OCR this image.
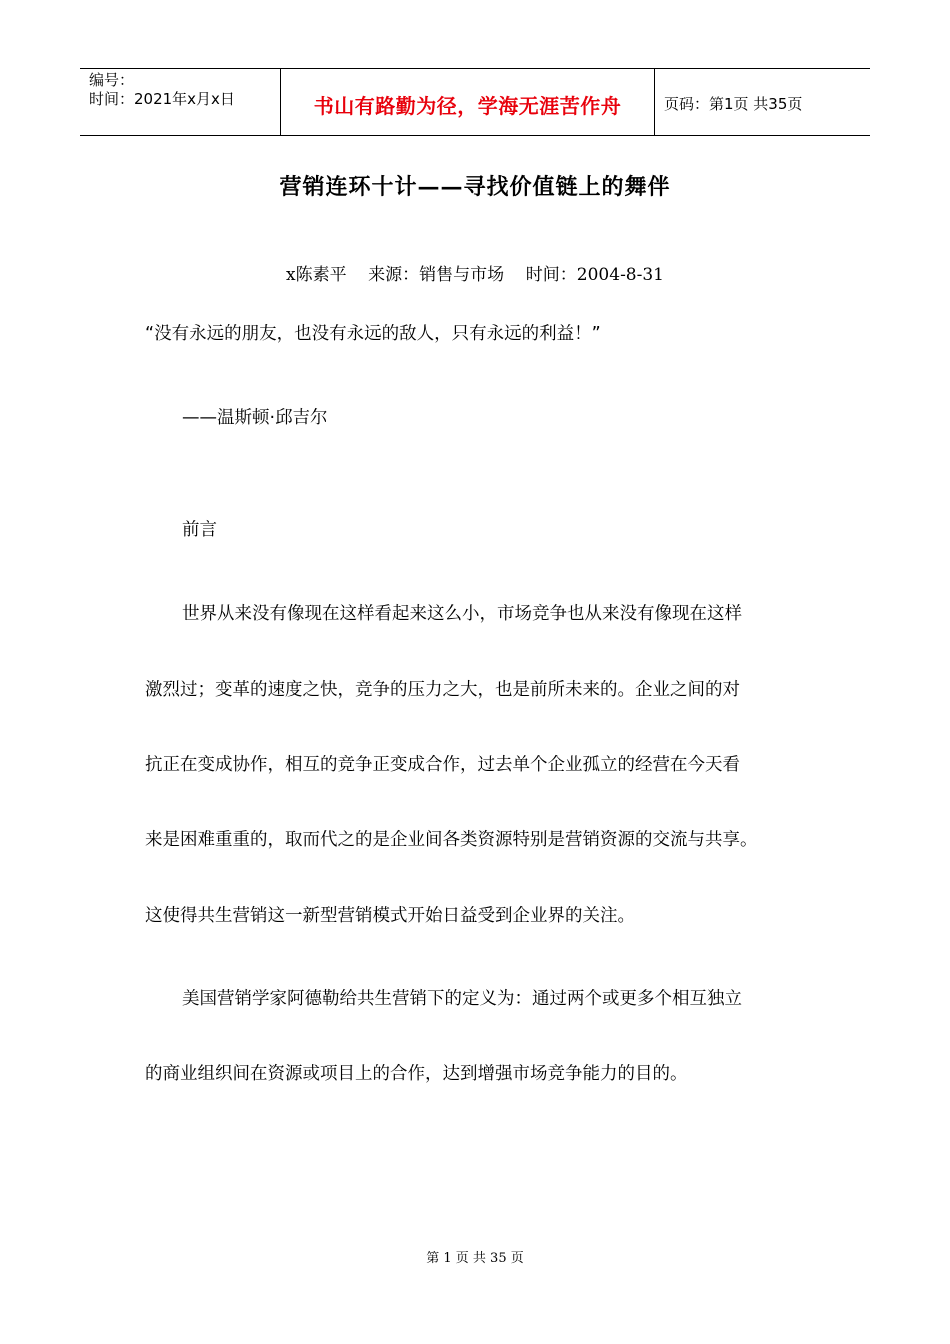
编号：
时间：2021年x月x日	书山有路勤为径，学海无涯苦作舟	页码：第1页 共35页
营销连环十计——寻找价值链上的舞伴
x陈素平    来源：销售与市场    时间：2004-8-31
“没有永远的朋友，也没有永远的敌人，只有永远的利益！”
——温斯顿·邱吉尔
前言
世界从来没有像现在这样看起来这么小，市场竞争也从来没有像现在这样
激烈过；变革的速度之快，竞争的压力之大，也是前所未来的。企业之间的对
抗正在变成协作，相互的竞争正变成合作，过去单个企业孤立的经营在今天看
来是困难重重的，取而代之的是企业间各类资源特别是营销资源的交流与共享。
这使得共生营销这一新型营销模式开始日益受到企业界的关注。
美国营销学家阿德勒给共生营销下的定义为：通过两个或更多个相互独立
的商业组织间在资源或项目上的合作，达到增强市场竞争能力的目的。
第 1 页 共 35 页
